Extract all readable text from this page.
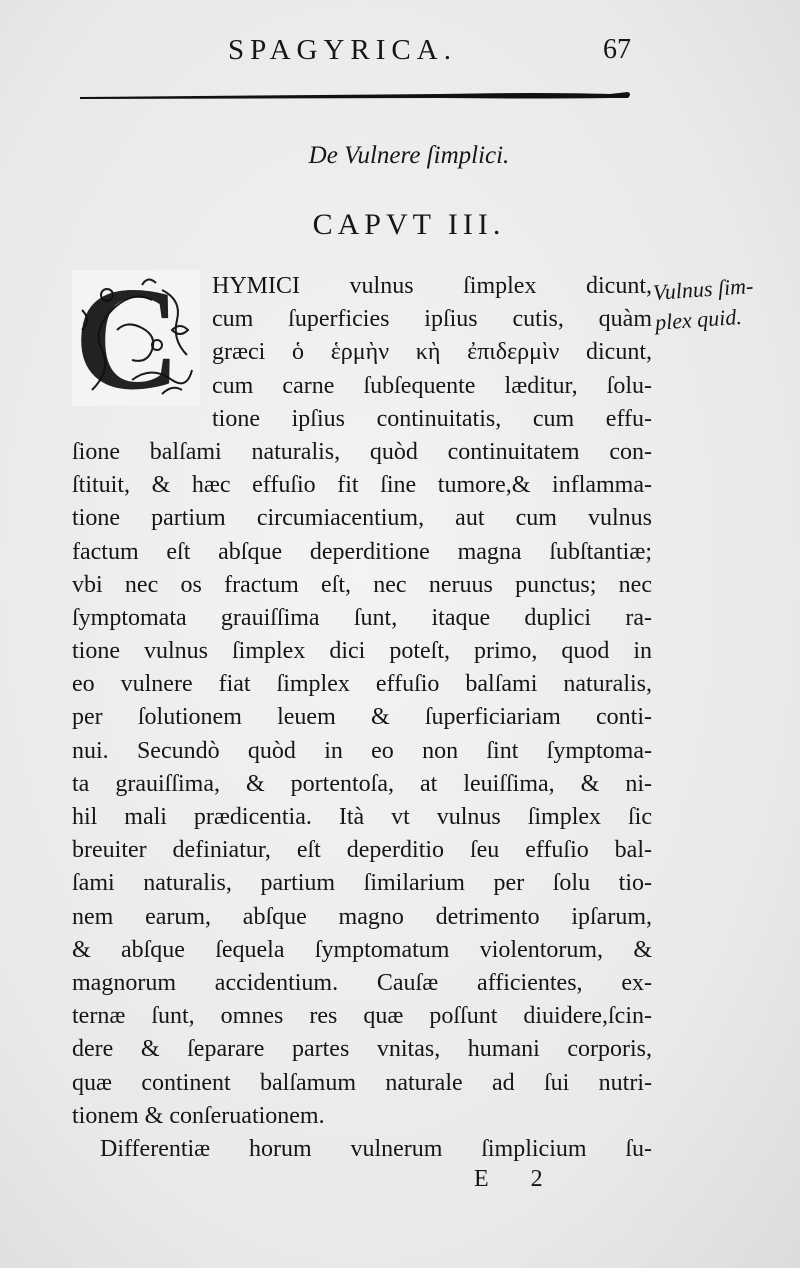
SPAGYRICA.	67
De Vulnere ſimplici.
CAPVT III.
C	HYMICI vulnus ſimplex dicunt,
cum ſuperficies ipſius cutis, quàm
græci ὁ ἑρμὴν κὴ ἐπιδερμὶν dicunt,
cum carne ſubſequente læditur, ſolu-
tione ipſius continuitatis, cum effu-
ſione balſami naturalis, quòd continuitatem con-
ſtituit, & hæc effuſio fit ſine tumore,& inflamma-
tione partium circumiacentium, aut cum vulnus
factum eſt abſque deperditione magna ſubſtantiæ;
vbi nec os fractum eſt, nec neruus punctus; nec
ſymptomata grauiſſima ſunt, itaque duplici ra-
tione vulnus ſimplex dici poteſt, primo, quod in
eo vulnere fiat ſimplex effuſio balſami naturalis,
per ſolutionem leuem & ſuperficiariam conti-
nui. Secundò quòd in eo non ſint ſymptoma-
ta grauiſſima, & portentoſa, at leuiſſima, & ni-
hil mali prædicentia. Ità vt vulnus ſimplex ſic
breuiter definiatur, eſt deperditio ſeu effuſio bal-
ſami naturalis, partium ſimilarium per ſolu tio-
nem earum, abſque magno detrimento ipſarum,
& abſque ſequela ſymptomatum violentorum, &
magnorum accidentium. Cauſæ afficientes, ex-
ternæ ſunt, omnes res quæ poſſunt diuidere,ſcin-
dere & ſeparare partes vnitas, humani corporis,
quæ continent balſamum naturale ad ſui nutri-
tionem & conſeruationem.
Differentiæ horum vulnerum ſimplicium ſu-
Vulnus ſim-
plex quid.
E 2
